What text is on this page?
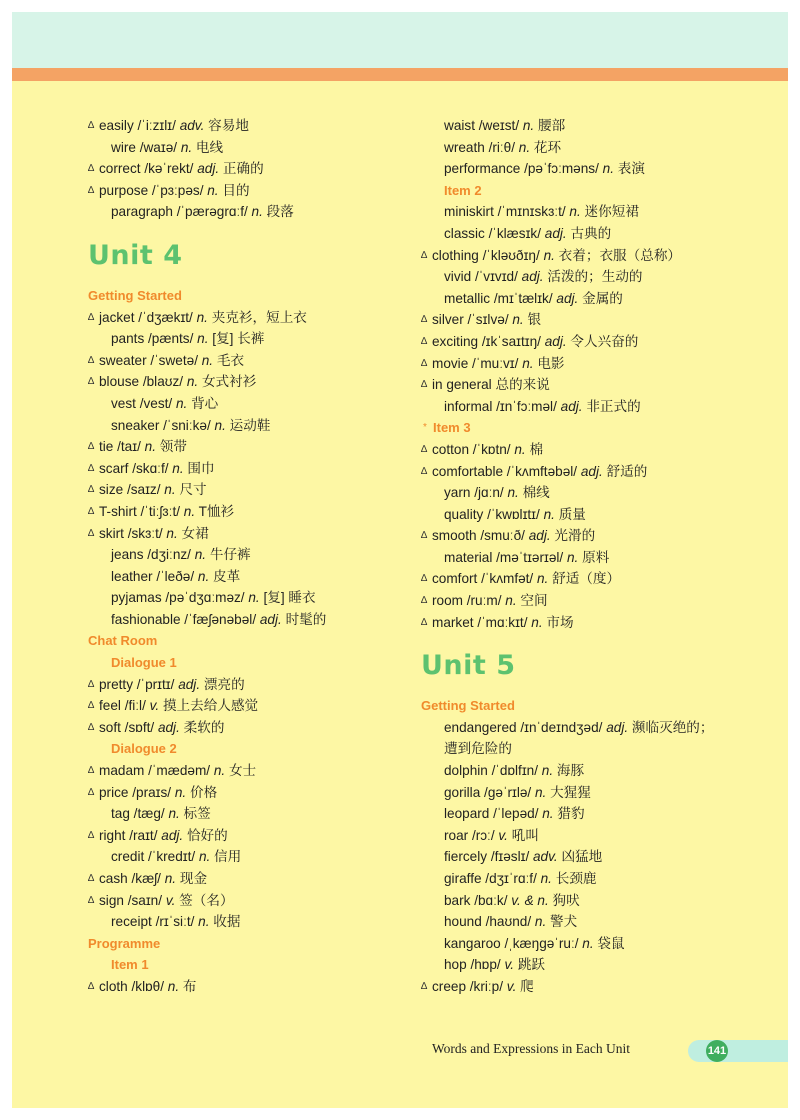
∆ easily /ˈiːzɪlɪ/ adv. 容易地
wire /waɪə/ n. 电线
∆ correct /kəˈrekt/ adj. 正确的
∆ purpose /ˈpɜːpəs/ n. 目的
paragraph /ˈpærəgrɑːf/ n. 段落
Unit 4
Getting Started
∆ jacket /ˈdʒækɪt/ n. 夹克衫，短上衣
pants /pænts/ n. [复] 长裤
∆ sweater /ˈswetə/ n. 毛衣
∆ blouse /blaʊz/ n. 女式衬衫
vest /vest/ n. 背心
sneaker /ˈsniːkə/ n. 运动鞋
∆ tie /taɪ/ n. 领带
∆ scarf /skɑːf/ n. 围巾
∆ size /saɪz/ n. 尺寸
∆ T-shirt /ˈtiːʃɜːt/ n. T恤衫
∆ skirt /skɜːt/ n. 女裙
jeans /dʒiːnz/ n. 牛仔裤
leather /ˈleðə/ n. 皮革
pyjamas /pəˈdʒɑːməz/ n. [复] 睡衣
fashionable /ˈfæʃənəbəl/ adj. 时髦的
Chat Room
Dialogue 1
∆ pretty /ˈprɪtɪ/ adj. 漂亮的
∆ feel /fiːl/ v. 摸上去给人感觉
∆ soft /sɒft/ adj. 柔软的
Dialogue 2
∆ madam /ˈmædəm/ n. 女士
∆ price /praɪs/ n. 价格
tag /tæg/ n. 标签
∆ right /raɪt/ adj. 恰好的
credit /ˈkredɪt/ n. 信用
∆ cash /kæʃ/ n. 现金
∆ sign /saɪn/ v. 签（名）
receipt /rɪˈsiːt/ n. 收据
Programme
Item 1
∆ cloth /klɒθ/ n. 布
waist /weɪst/ n. 腰部
wreath /riːθ/ n. 花环
performance /pəˈfɔːməns/ n. 表演
Item 2
miniskirt /ˈmɪnɪskɜːt/ n. 迷你短裙
classic /ˈklæsɪk/ adj. 古典的
∆ clothing /ˈkləʊðɪŋ/ n. 衣着；衣服（总称）
vivid /ˈvɪvɪd/ adj. 活泼的；生动的
metallic /mɪˈtælɪk/ adj. 金属的
∆ silver /ˈsɪlvə/ n. 银
∆ exciting /ɪkˈsaɪtɪŋ/ adj. 令人兴奋的
∆ movie /ˈmuːvɪ/ n. 电影
∆ in general 总的来说
informal /ɪnˈfɔːməl/ adj. 非正式的
* Item 3
∆ cotton /ˈkɒtn/ n. 棉
∆ comfortable /ˈkʌmftəbəl/ adj. 舒适的
yarn /jɑːn/ n. 棉线
quality /ˈkwɒlɪtɪ/ n. 质量
∆ smooth /smuːð/ adj. 光滑的
material /məˈtɪərɪəl/ n. 原料
∆ comfort /ˈkʌmfət/ n. 舒适（度）
∆ room /ruːm/ n. 空间
∆ market /ˈmɑːkɪt/ n. 市场
Unit 5
Getting Started
endangered /ɪnˈdeɪndʒəd/ adj. 濒临灭绝的；
遭到危险的
dolphin /ˈdɒlfɪn/ n. 海豚
gorilla /gəˈrɪlə/ n. 大猩猩
leopard /ˈlepəd/ n. 猎豹
roar /rɔː/ v. 吼叫
fiercely /fɪəslɪ/ adv. 凶猛地
giraffe /dʒɪˈrɑːf/ n. 长颈鹿
bark /bɑːk/ v. & n. 狗吠
hound /haʊnd/ n. 警犬
kangaroo /ˌkæŋgəˈruː/ n. 袋鼠
hop /hɒp/ v. 跳跃
∆ creep /kriːp/ v. 爬
Words and Expressions in Each Unit	141
